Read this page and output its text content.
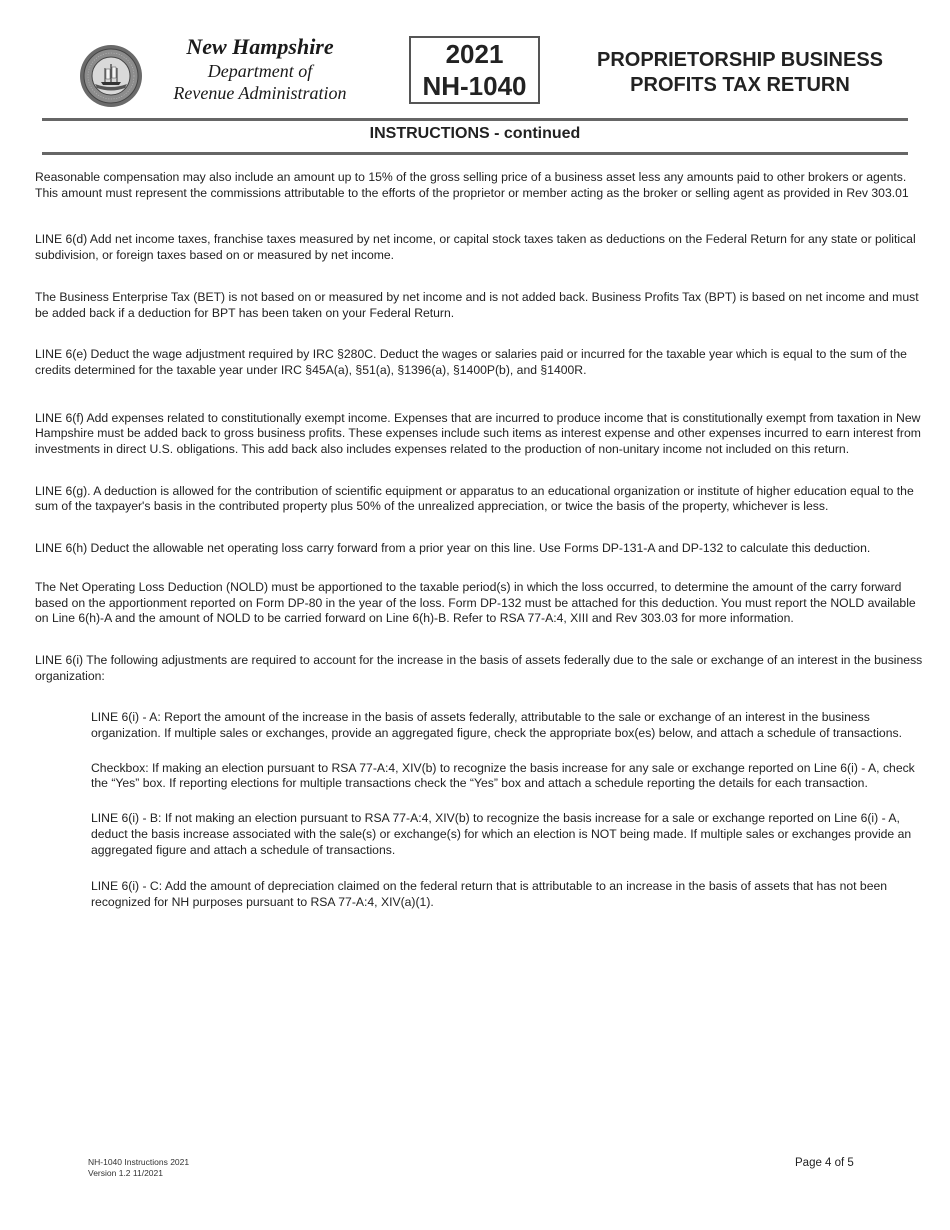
New Hampshire
Department of
Revenue Administration
2021
NH-1040
PROPRIETORSHIP BUSINESS
PROFITS TAX RETURN
INSTRUCTIONS - continued

Reasonable compensation may also include an amount up to 15% of the gross selling price of a business asset less any amounts paid to other brokers or agents. This amount must represent the commissions attributable to the efforts of the proprietor or member acting as the broker or selling agent as provided in Rev 303.01

LINE 6(d) Add net income taxes, franchise taxes measured by net income, or capital stock taxes taken as deductions on the Federal Return for any state or political subdivision, or foreign taxes based on or measured by net income.

The Business Enterprise Tax (BET) is not based on or measured by net income and is not added back. Business Profits Tax (BPT) is based on net income and must be added back if a deduction for BPT has been taken on your Federal Return.

LINE 6(e) Deduct the wage adjustment required by IRC §280C. Deduct the wages or salaries paid or incurred for the taxable year which is equal to the sum of the credits determined for the taxable year under IRC §45A(a), §51(a), §1396(a), §1400P(b), and §1400R.

LINE 6(f) Add expenses related to constitutionally exempt income. Expenses that are incurred to produce income that is constitutionally exempt from taxation in New Hampshire must be added back to gross business profits. These expenses include such items as interest expense and other expenses incurred to earn interest from investments in direct U.S. obligations. This add back also includes expenses related to the production of non-unitary income not included on this return.

LINE 6(g). A deduction is allowed for the contribution of scientific equipment or apparatus to an educational organization or institute of higher education equal to the sum of the taxpayer's basis in the contributed property plus 50% of the unrealized appreciation, or twice the basis of the property, whichever is less.

LINE 6(h) Deduct the allowable net operating loss carry forward from a prior year on this line. Use Forms DP-131-A and DP-132 to calculate this deduction.

The Net Operating Loss Deduction (NOLD) must be apportioned to the taxable period(s) in which the loss occurred, to determine the amount of the carry forward based on the apportionment reported on Form DP-80 in the year of the loss. Form DP-132 must be attached for this deduction. You must report the NOLD available on Line 6(h)-A and the amount of NOLD to be carried forward on Line 6(h)-B. Refer to RSA 77-A:4, XIII and Rev 303.03 for more information.

LINE 6(i) The following adjustments are required to account for the increase in the basis of assets federally due to the sale or exchange of an interest in the business organization:

LINE 6(i) - A: Report the amount of the increase in the basis of assets federally, attributable to the sale or exchange of an interest in the business organization. If multiple sales or exchanges, provide an aggregated figure, check the appropriate box(es) below, and attach a schedule of transactions.

Checkbox: If making an election pursuant to RSA 77-A:4, XIV(b) to recognize the basis increase for any sale or exchange reported on Line 6(i) - A, check the “Yes” box. If reporting elections for multiple transactions check the “Yes” box and attach a schedule reporting the details for each transaction.

LINE 6(i) - B: If not making an election pursuant to RSA 77-A:4, XIV(b) to recognize the basis increase for a sale or exchange reported on Line 6(i) - A, deduct the basis increase associated with the sale(s) or exchange(s) for which an election is NOT being made. If multiple sales or exchanges provide an aggregated figure and attach a schedule of transactions.

LINE 6(i) - C: Add the amount of depreciation claimed on the federal return that is attributable to an increase in the basis of assets that has not been recognized for NH purposes pursuant to RSA 77-A:4, XIV(a)(1).

NH-1040 Instructions 2021
Version 1.2 11/2021
Page 4 of 5
